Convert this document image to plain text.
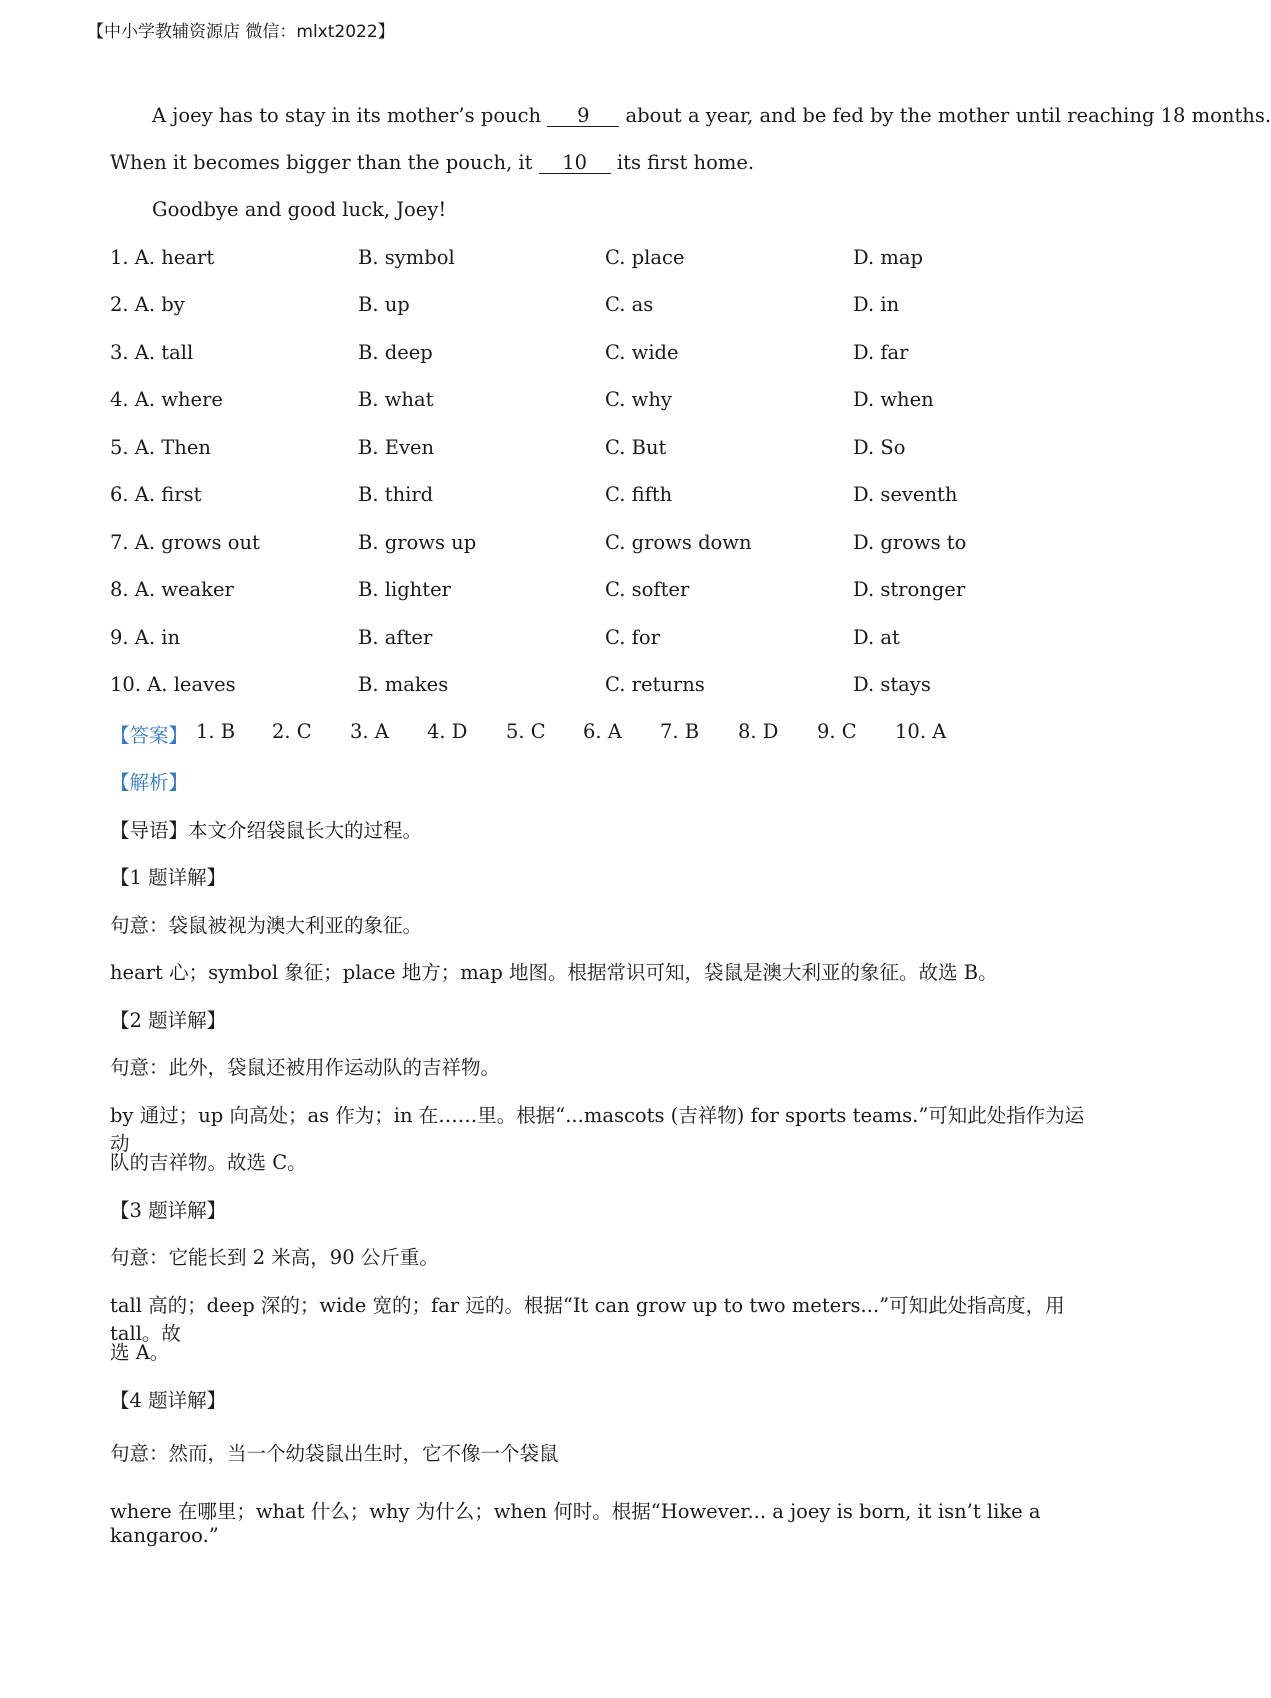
【中小学教辅资源店 微信：mlxt2022】
A joey has to stay in its mother’s pouch 9 about a year, and be fed by the mother until reaching 18 months.
When it becomes bigger than the pouch, it 10 its first home.
Goodbye and good luck, Joey!
1. A. heart	B. symbol	C. place	D. map
2. A. by	B. up	C. as	D. in
3. A. tall	B. deep	C. wide	D. far
4. A. where	B. what	C. why	D. when
5. A. Then	B. Even	C. But	D. So
6. A. first	B. third	C. fifth	D. seventh
7. A. grows out	B. grows up	C. grows down	D. grows to
8. A. weaker	B. lighter	C. softer	D. stronger
9. A. in	B. after	C. for	D. at
10. A. leaves	B. makes	C. returns	D. stays
【答案】 1. B 2. C 3. A 4. D 5. C 6. A 7. B 8. D 9. C 10. A
【解析】
【导语】本文介绍袋鼠长大的过程。
【1 题详解】
句意：袋鼠被视为澳大利亚的象征。
heart 心；symbol 象征；place 地方；map 地图。根据常识可知，袋鼠是澳大利亚的象征。故选 B。
【2 题详解】
句意：此外，袋鼠还被用作运动队的吉祥物。
by 通过；up 向高处；as 作为；in 在……里。根据“...mascots (吉祥物) for sports teams.”可知此处指作为运动
队的吉祥物。故选 C。
【3 题详解】
句意：它能长到 2 米高，90 公斤重。
tall 高的；deep 深的；wide 宽的；far 远的。根据“It can grow up to two meters...”可知此处指高度，用 tall。故
选 A。
【4 题详解】
句意：然而，当一个幼袋鼠出生时，它不像一个袋鼠
where 在哪里；what 什么；why 为什么；when 何时。根据“However... a joey is born, it isn’t like a kangaroo.”
